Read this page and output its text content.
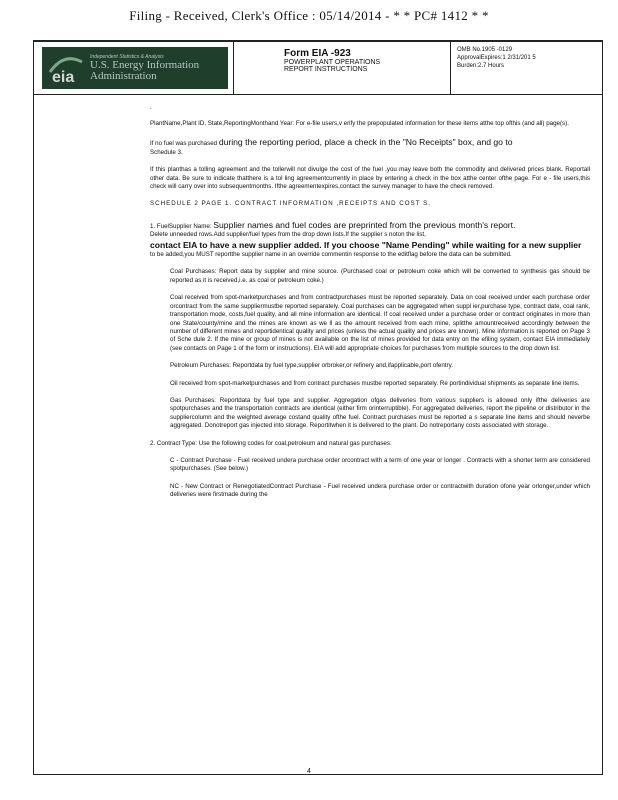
Filing - Received, Clerk's Office : 05/14/2014 - * * PC# 1412 * *
eia
Independent Statistics & Analysis
U.S. Energy Information
Administration
Form EIA -923
POWERPLANT OPERATIONS
REPORT INSTRUCTIONS
OMB No.1905 -0129
ApprovalExpires:1 2/31/201 5
Burden:2.7 Hours
.

PlantName,Plant ID, State,ReportingMonthand Year: For e-file users,v erify the prepopulated information for these items atthe top ofthis (and all) page(s).

If no fuel was purchased during the reporting period, place a check in the "No Receipts" box, and go to
Schedule 3.

If this planthas a tolling agreement and the tollerwill not divulge the cost of the fuel ,you may leave both the commodity and delivered prices blank. Reportall other data. Be sure to indicate thatthere is a tol ling agreementcurrently in place by entering a check in the box atthe center ofthe page. For e - file users,this check will carry over into subsequentmonths. Ifthe agreementexpires,contact the survey manager to have the check removed.

SCHEDULE 2 PAGE 1. CONTRACT INFORMATION ,RECEIPTS AND COST S.

1. FuelSupplier Name: Supplier names and fuel codes are preprinted from the previous month's report.
Delete unneeded rows.Add supplier/fuel types from the drop down lists.If the supplier s noton the list,
contact EIA to have a new supplier added. If you choose "Name Pending" while waiting for a new supplier
to be added,you MUST reportthe supplier name in an override commentin response to the editflag before the data can be submitted.

Coal Purchases: Report data by supplier and mine source. (Purchased coal or petroleum coke which will be converted to synthesis gas should be reported as it is received,i.e. as coal or petroleum coke.)

Coal received from spot-marketpurchases and from contractpurchases must be reported separately. Data on coal received under each purchase order orcontract from the same suppliermustbe reported separately. Coal purchases can be aggregated when suppl ier,purchase type, contract date, coal rank, transportation mode, costs,fuel quality, and all mine information are identical. If coal received under a purchase order or contract originates in more than one State/county/mine and the mines are known as we ll as the amount received from each mine, splitthe amountreceived accordingly between the number of different mines and reportidentical quality and prices (unless the actual quality and prices are known). Mine information is reported on Page 3 of Sche dule 2. If the mine or group of mines is not available on the list of mines provided for data entry on the efiling system, contact EIA immediately (see contacts on Page 1 of the form or instructions). EIA will add appropriate choices for purchases from multiple sources to the drop down list.

Petroleum Purchases: Reportdata by fuel type,supplier orbroker,or refinery and,ifapplicable,port ofentry.

Oil received from spot-marketpurchases and from contract purchases mustbe reported separately. Re portindividual shipments as separate line items.

Gas Purchases: Reportdata by fuel type and supplier. Aggregation ofgas deliveries from various suppliers is allowed only ifthe deliveries are spotpurchases and the transportation contracts are identical (either firm orinterruptible). For aggregated deliveries, report the pipeline or distributor in the suppliercolumn and the weighted average costand quality ofthe fuel. Contract purchases must be reported a s separate line items and should neverbe aggregated. Donotreport gas injected into storage. Reportitwhen it is delivered to the plant. Do notreportany costs associated with storage.

2. Contract Type: Use the following codes for coal,petroleum and natural gas purchases:

C - Contract Purchase - Fuel received undera purchase order orcontract with a term of one year or longer . Contracts with a shorter term are considered spotpurchases. (See below.)

NC - New Contract or RenegotiatedContract Purchase - Fuel received undera purchase order or contractwith duration ofone year orlonger,under which deliveries were firstmade during the

4
